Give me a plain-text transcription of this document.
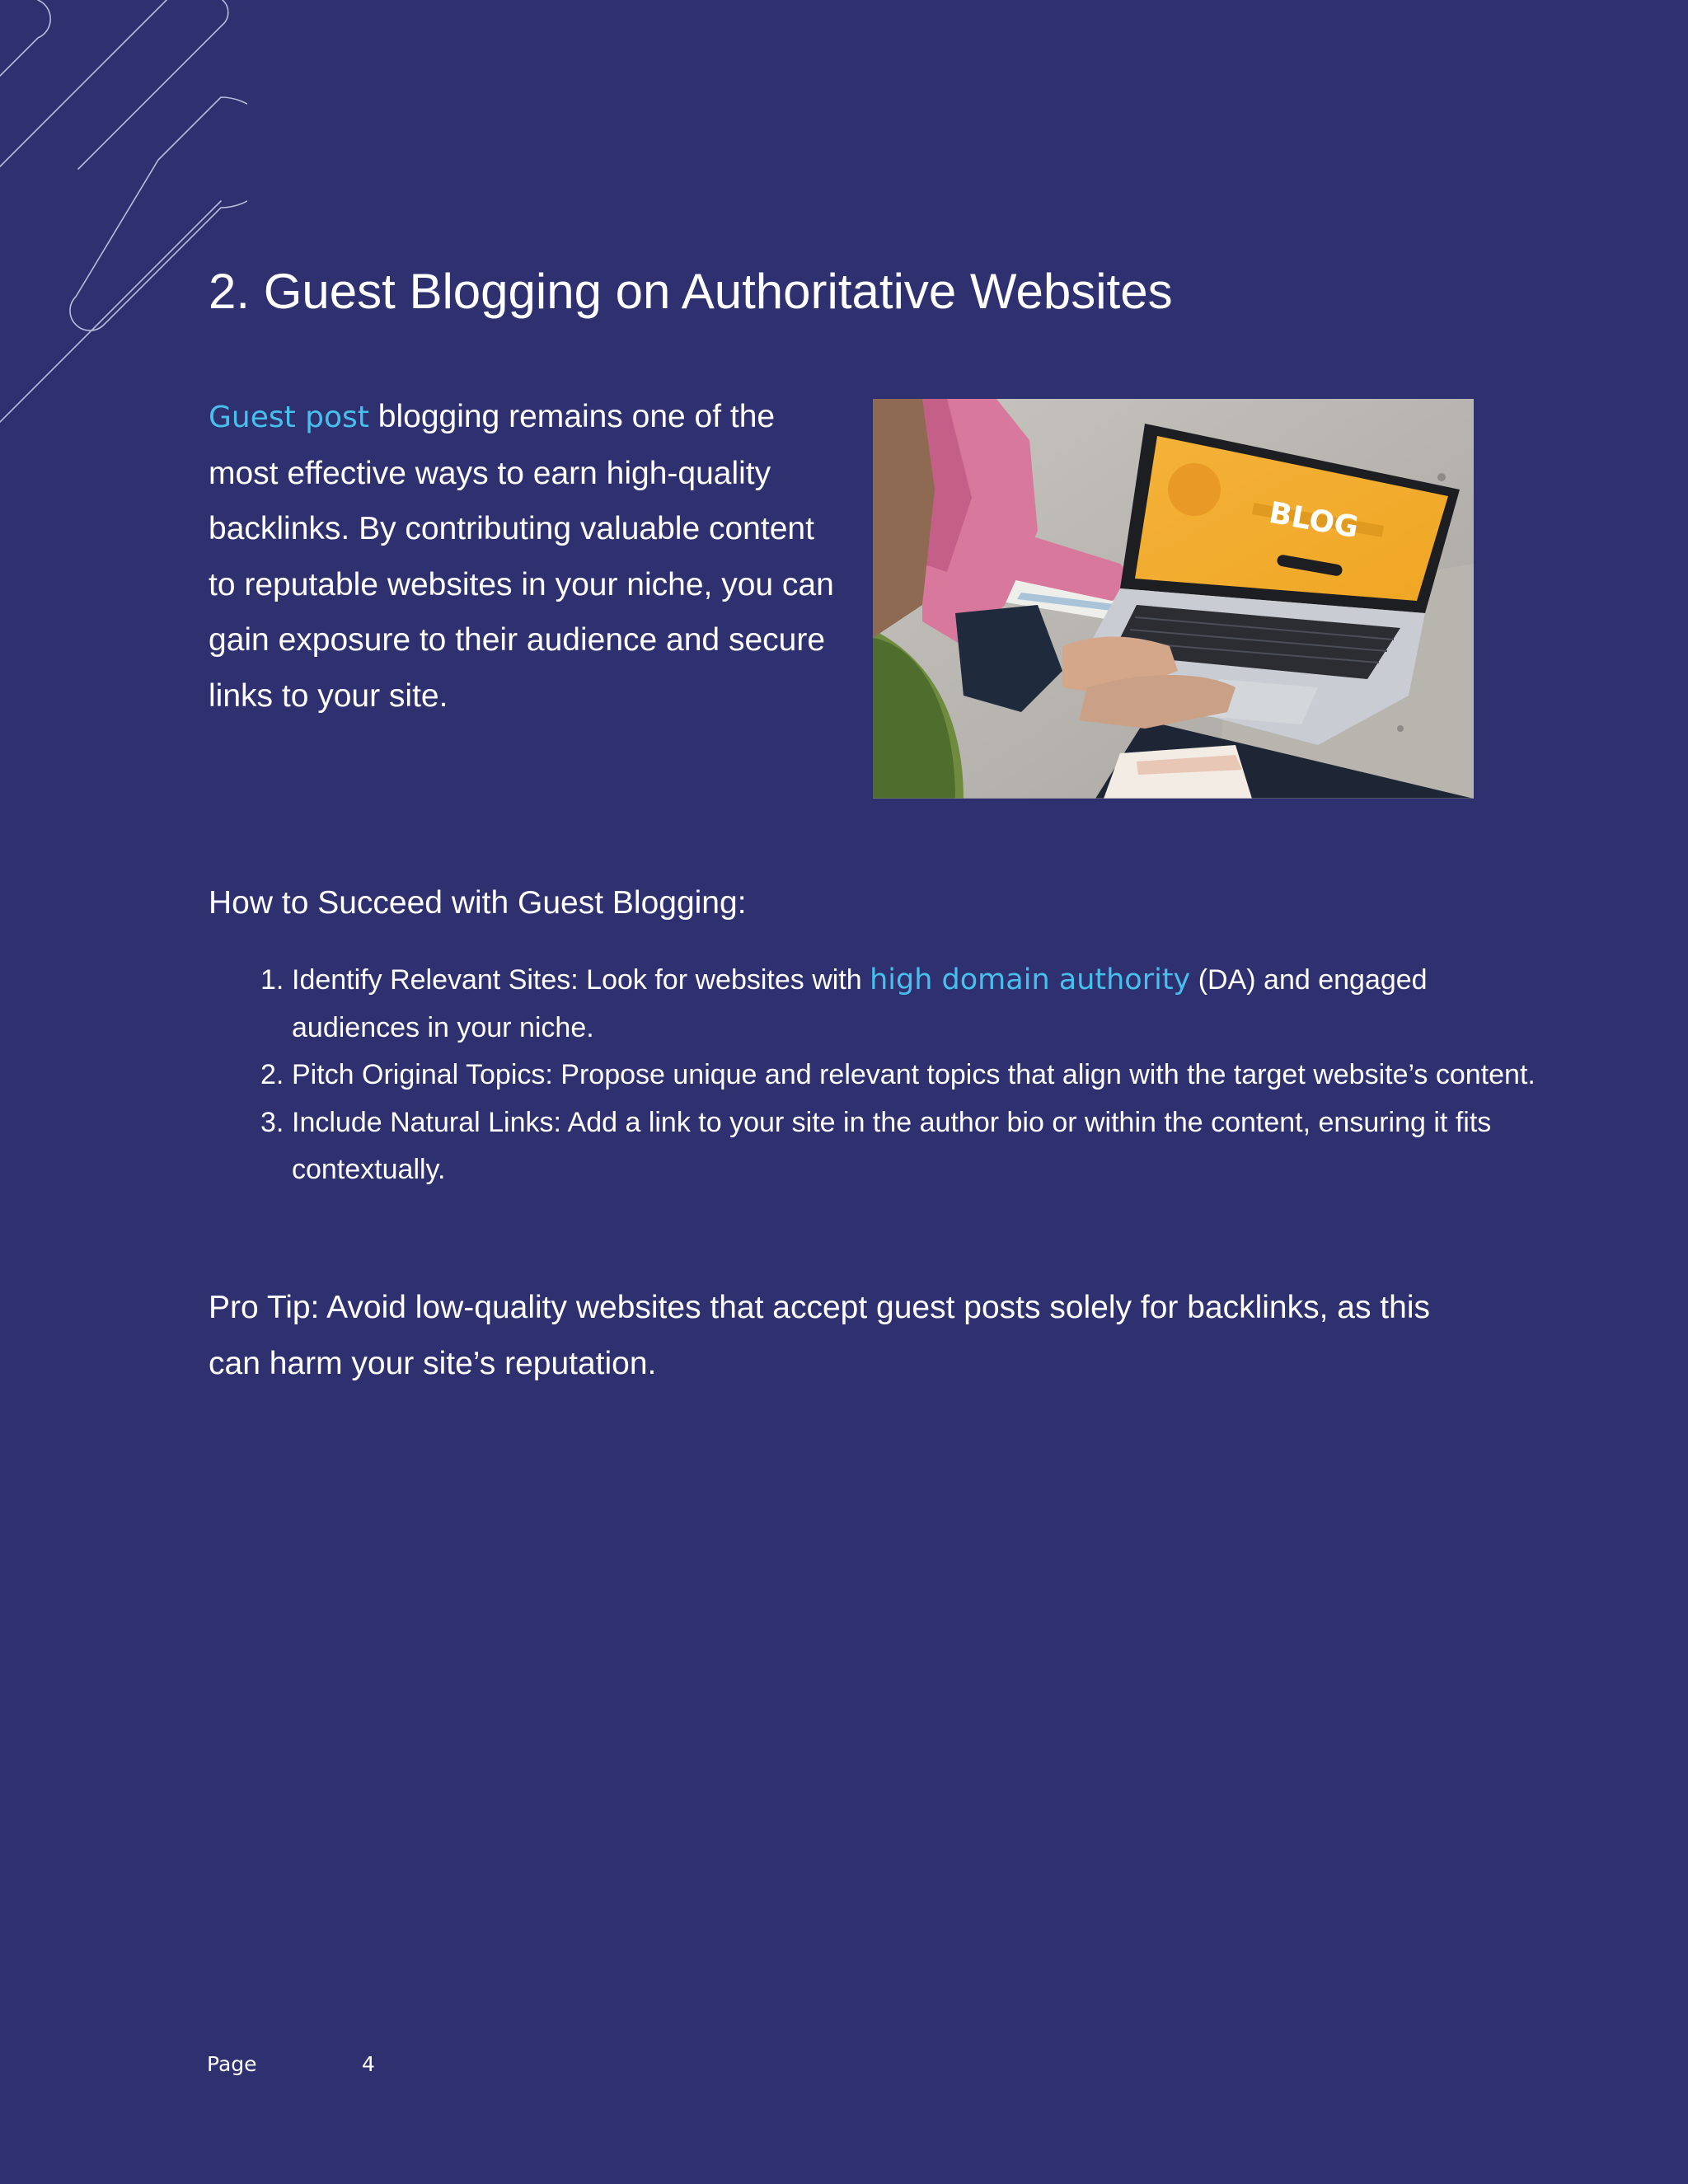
2. Guest Blogging on Authoritative Websites

Guest post blogging remains one of the most effective ways to earn high-quality backlinks. By contributing valuable content to reputable websites in your niche, you can gain exposure to their audience and secure links to your site.

BLOG
How to Succeed with Guest Blogging:
1. Identify Relevant Sites: Look for websites with high domain authority (DA) and engaged audiences in your niche.
2. Pitch Original Topics: Propose unique and relevant topics that align with the target website’s content.
3. Include Natural Links: Add a link to your site in the author bio or within the content, ensuring it fits contextually.

Pro Tip: Avoid low-quality websites that accept guest posts solely for backlinks, as this can harm your site’s reputation.

Page	4
